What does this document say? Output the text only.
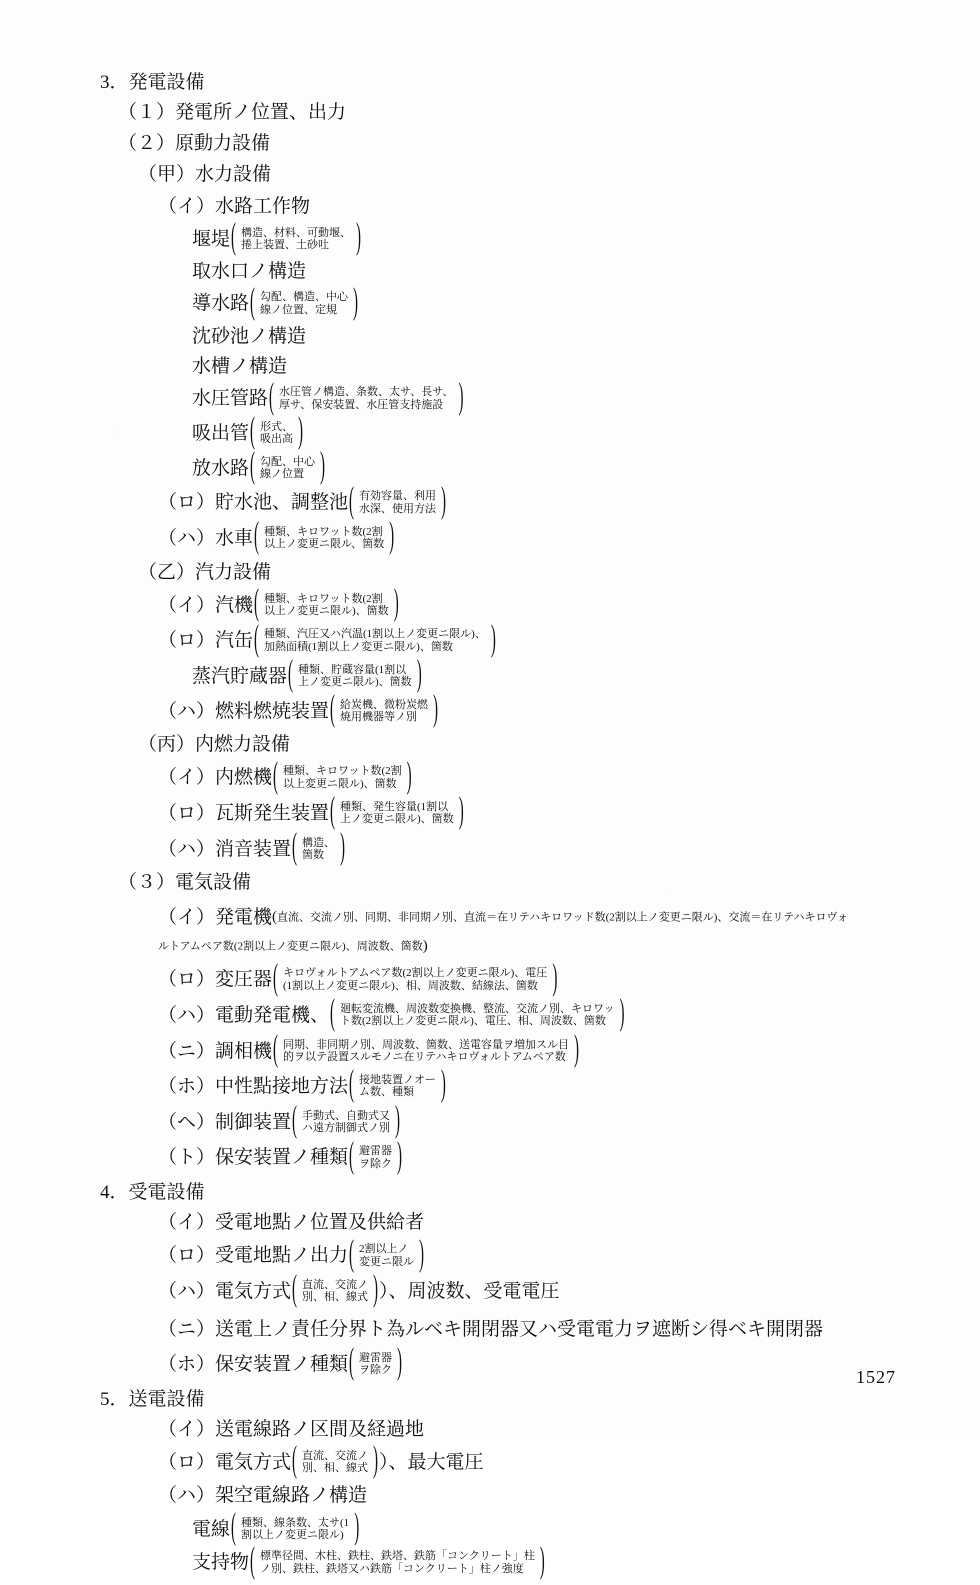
3．発電設備
（１）発電所ノ位置、出力
（２）原動力設備
（甲）水力設備
（イ）水路工作物
堰堤 ( 構造、材料、可動堰、
捲上装置、土砂吐
)
取水口ノ構造
導水路 ( 勾配、構造、中心
線ノ位置、定規
)
沈砂池ノ構造
水槽ノ構造
水圧管路 ( 水圧管ノ構造、条数、太サ、長サ、
厚サ、保安装置、水圧管支持施設
)
吸出管 ( 形式、
吸出高
)
放水路 ( 勾配、中心
線ノ位置
)
（ロ）貯水池、調整池 ( 有効容量、利用
水深、使用方法
)
（ハ）水車 ( 種類、キロワット数(2割
以上ノ変更ニ限ル、箇数
)
（乙）汽力設備
（イ）汽機 ( 種類、キロワット数(2割
以上ノ変更ニ限ル)、箇数
)
（ロ）汽缶 ( 種類、汽圧又ハ汽温(1割以上ノ変更ニ限ル)、
加熱面積(1割以上ノ変更ニ限ル)、箇数
)
蒸汽貯蔵器 ( 種類、貯蔵容量(1割以
上ノ変更ニ限ル)、箇数
)
（ハ）燃料燃焼装置 ( 給炭機、微粉炭燃
焼用機器等ノ別
)
（丙）内燃力設備
（イ）内燃機 ( 種類、キロワット数(2割
以上変更ニ限ル)、箇数
)
（ロ）瓦斯発生装置 ( 種類、発生容量(1割以
上ノ変更ニ限ル)、箇数
)
（ハ）消音装置 ( 構造、
箇数
)
（３）電気設備
（イ）発電機(直流、交流ノ別、同期、非同期ノ別、直流＝在リテハキロワッド数(2割以上ノ変更ニ限ル)、交流＝在リテハキロヴォルトアムペア数(2割以上ノ変更ニ限ル)、周波数、箇数)
（ロ）変圧器 ( キロヴォルトアムペア数(2割以上ノ変更ニ限ル)、電圧
(1割以上ノ変更ニ限ル)、相、周波数、結線法、箇数
)
（ハ）電動発電機、 ( 廻転変流機、周波数変換機、整流、交流ノ別、キロワッ
ト数(2割以上ノ変更ニ限ル)、電圧、相、周波数、箇数
)
（ニ）調相機 ( 同期、非同期ノ別、周波数、箇数、送電容量ヲ増加スル目
的ヲ以テ設置スルモノニ在リテハキロヴォルトアムペア数
)
（ホ）中性點接地方法 ( 接地装置ノオー
ム数、種類
)
（ヘ）制御装置 ( 手動式、自動式又
ハ遠方制御式ノ別
)
（ト）保安装置ノ種類 ( 避雷器
ヲ除ク
)
4．受電設備
（イ）受電地點ノ位置及供給者
（ロ）受電地點ノ出力 ( 2割以上ノ
変更ニ限ル
)
（ハ）電気方式 ( 直流、交流ノ
別、相、線式
) ）、周波数、受電電圧
（ニ）送電上ノ責任分界ト為ルベキ開閉器又ハ受電電力ヲ遮断シ得ベキ開閉器
（ホ）保安装置ノ種類 ( 避雷器
ヲ除ク
)
5．送電設備
（イ）送電線路ノ区間及経過地
（ロ）電気方式 ( 直流、交流ノ
別、相、線式
) ）、最大電圧
（ハ）架空電線路ノ構造
電線 ( 種類、線条数、太サ(1
割以上ノ変更ニ限ル)
)
支持物 ( 標準径間、木柱、鉄柱、鉄塔、鉄筋「コンクリート」柱
ノ別、鉄柱、鉄塔又ハ鉄筋「コンクリート」柱ノ強度
)
1527
